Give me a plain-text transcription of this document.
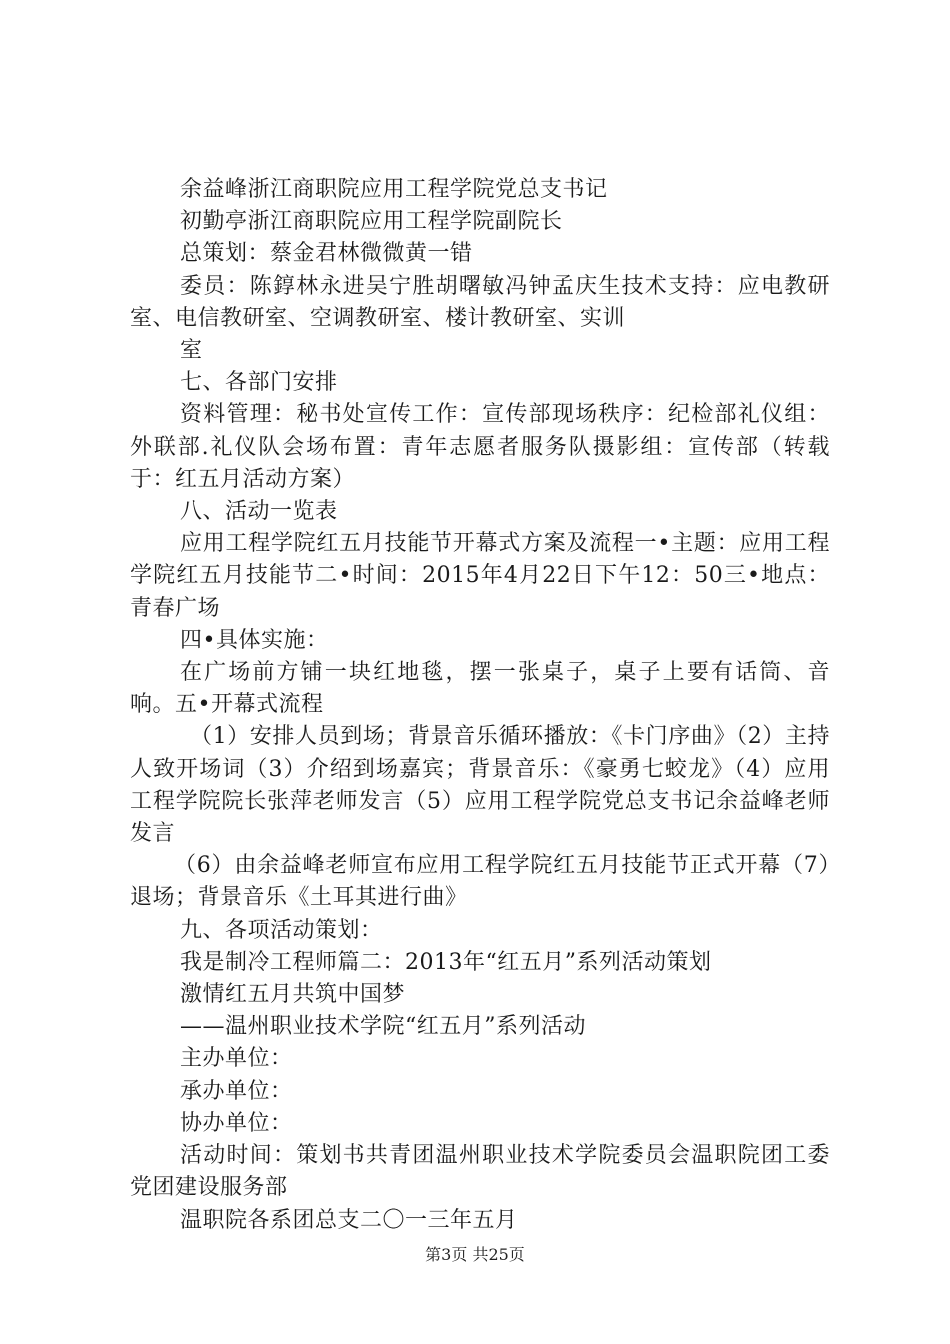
余益峰浙江商职院应用工程学院党总支书记

初勤亭浙江商职院应用工程学院副院长

总策划：蔡金君林微微黄一错

委员：陈錞林永进吴宁胜胡曙敏冯钟孟庆生技术支持：应电教研室、电信教研室、空调教研室、楼计教研室、实训

室

七、各部门安排

资料管理：秘书处宣传工作：宣传部现场秩序：纪检部礼仪组：外联部.礼仪队会场布置：青年志愿者服务队摄影组：宣传部（转载于：红五月活动方案）

八、活动一览表

应用工程学院红五月技能节开幕式方案及流程一•主题：应用工程学院红五月技能节二•时间：2015年4月22日下午12：50三•地点：青春广场

四•具体实施：

在广场前方铺一块红地毯，摆一张桌子，桌子上要有话筒、音响。五•开幕式流程

（1）安排人员到场；背景音乐循环播放：《卡门序曲》（2）主持人致开场词（3）介绍到场嘉宾；背景音乐：《豪勇七蛟龙》（4）应用工程学院院长张萍老师发言（5）应用工程学院党总支书记余益峰老师发言

（6）由余益峰老师宣布应用工程学院红五月技能节正式开幕（7）退场；背景音乐《土耳其进行曲》

九、各项活动策划：

我是制冷工程师篇二：2013年“红五月”系列活动策划

激情红五月共筑中国梦

——温州职业技术学院“红五月”系列活动

主办单位：

承办单位：

协办单位：

活动时间：策划书共青团温州职业技术学院委员会温职院团工委党团建设服务部

温职院各系团总支二〇一三年五月

第3页 共25页
